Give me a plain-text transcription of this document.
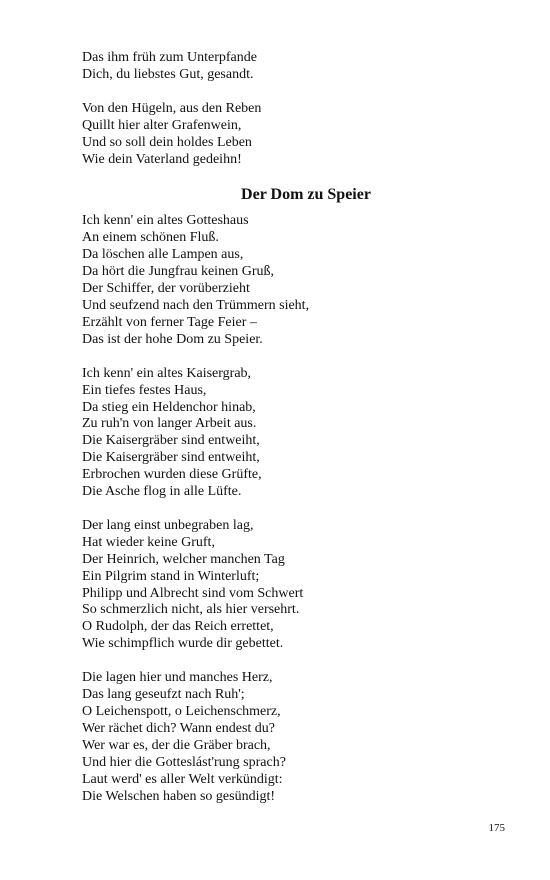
Das ihm früh zum Unterpfande
Dich, du liebstes Gut, gesandt.
Von den Hügeln, aus den Reben
Quillt hier alter Grafenwein,
Und so soll dein holdes Leben
Wie dein Vaterland gedeihn!
Der Dom zu Speier
Ich kenn' ein altes Gotteshaus
An einem schönen Fluß.
Da löschen alle Lampen aus,
Da hört die Jungfrau keinen Gruß,
Der Schiffer, der vorüberzieht
Und seufzend nach den Trümmern sieht,
Erzählt von ferner Tage Feier –
Das ist der hohe Dom zu Speier.
Ich kenn' ein altes Kaisergrab,
Ein tiefes festes Haus,
Da stieg ein Heldenchor hinab,
Zu ruh'n von langer Arbeit aus.
Die Kaisergräber sind entweiht,
Die Kaisergräber sind entweiht,
Erbrochen wurden diese Grüfte,
Die Asche flog in alle Lüfte.
Der lang einst unbegraben lag,
Hat wieder keine Gruft,
Der Heinrich, welcher manchen Tag
Ein Pilgrim stand in Winterluft;
Philipp und Albrecht sind vom Schwert
So schmerzlich nicht, als hier versehrt.
O Rudolph, der das Reich errettet,
Wie schimpflich wurde dir gebettet.
Die lagen hier und manches Herz,
Das lang geseufzt nach Ruh';
O Leichenspott, o Leichenschmerz,
Wer rächet dich? Wann endest du?
Wer war es, der die Gräber brach,
Und hier die Gotteslást'rung sprach?
Laut werd' es aller Welt verkündigt:
Die Welschen haben so gesündigt!
175
